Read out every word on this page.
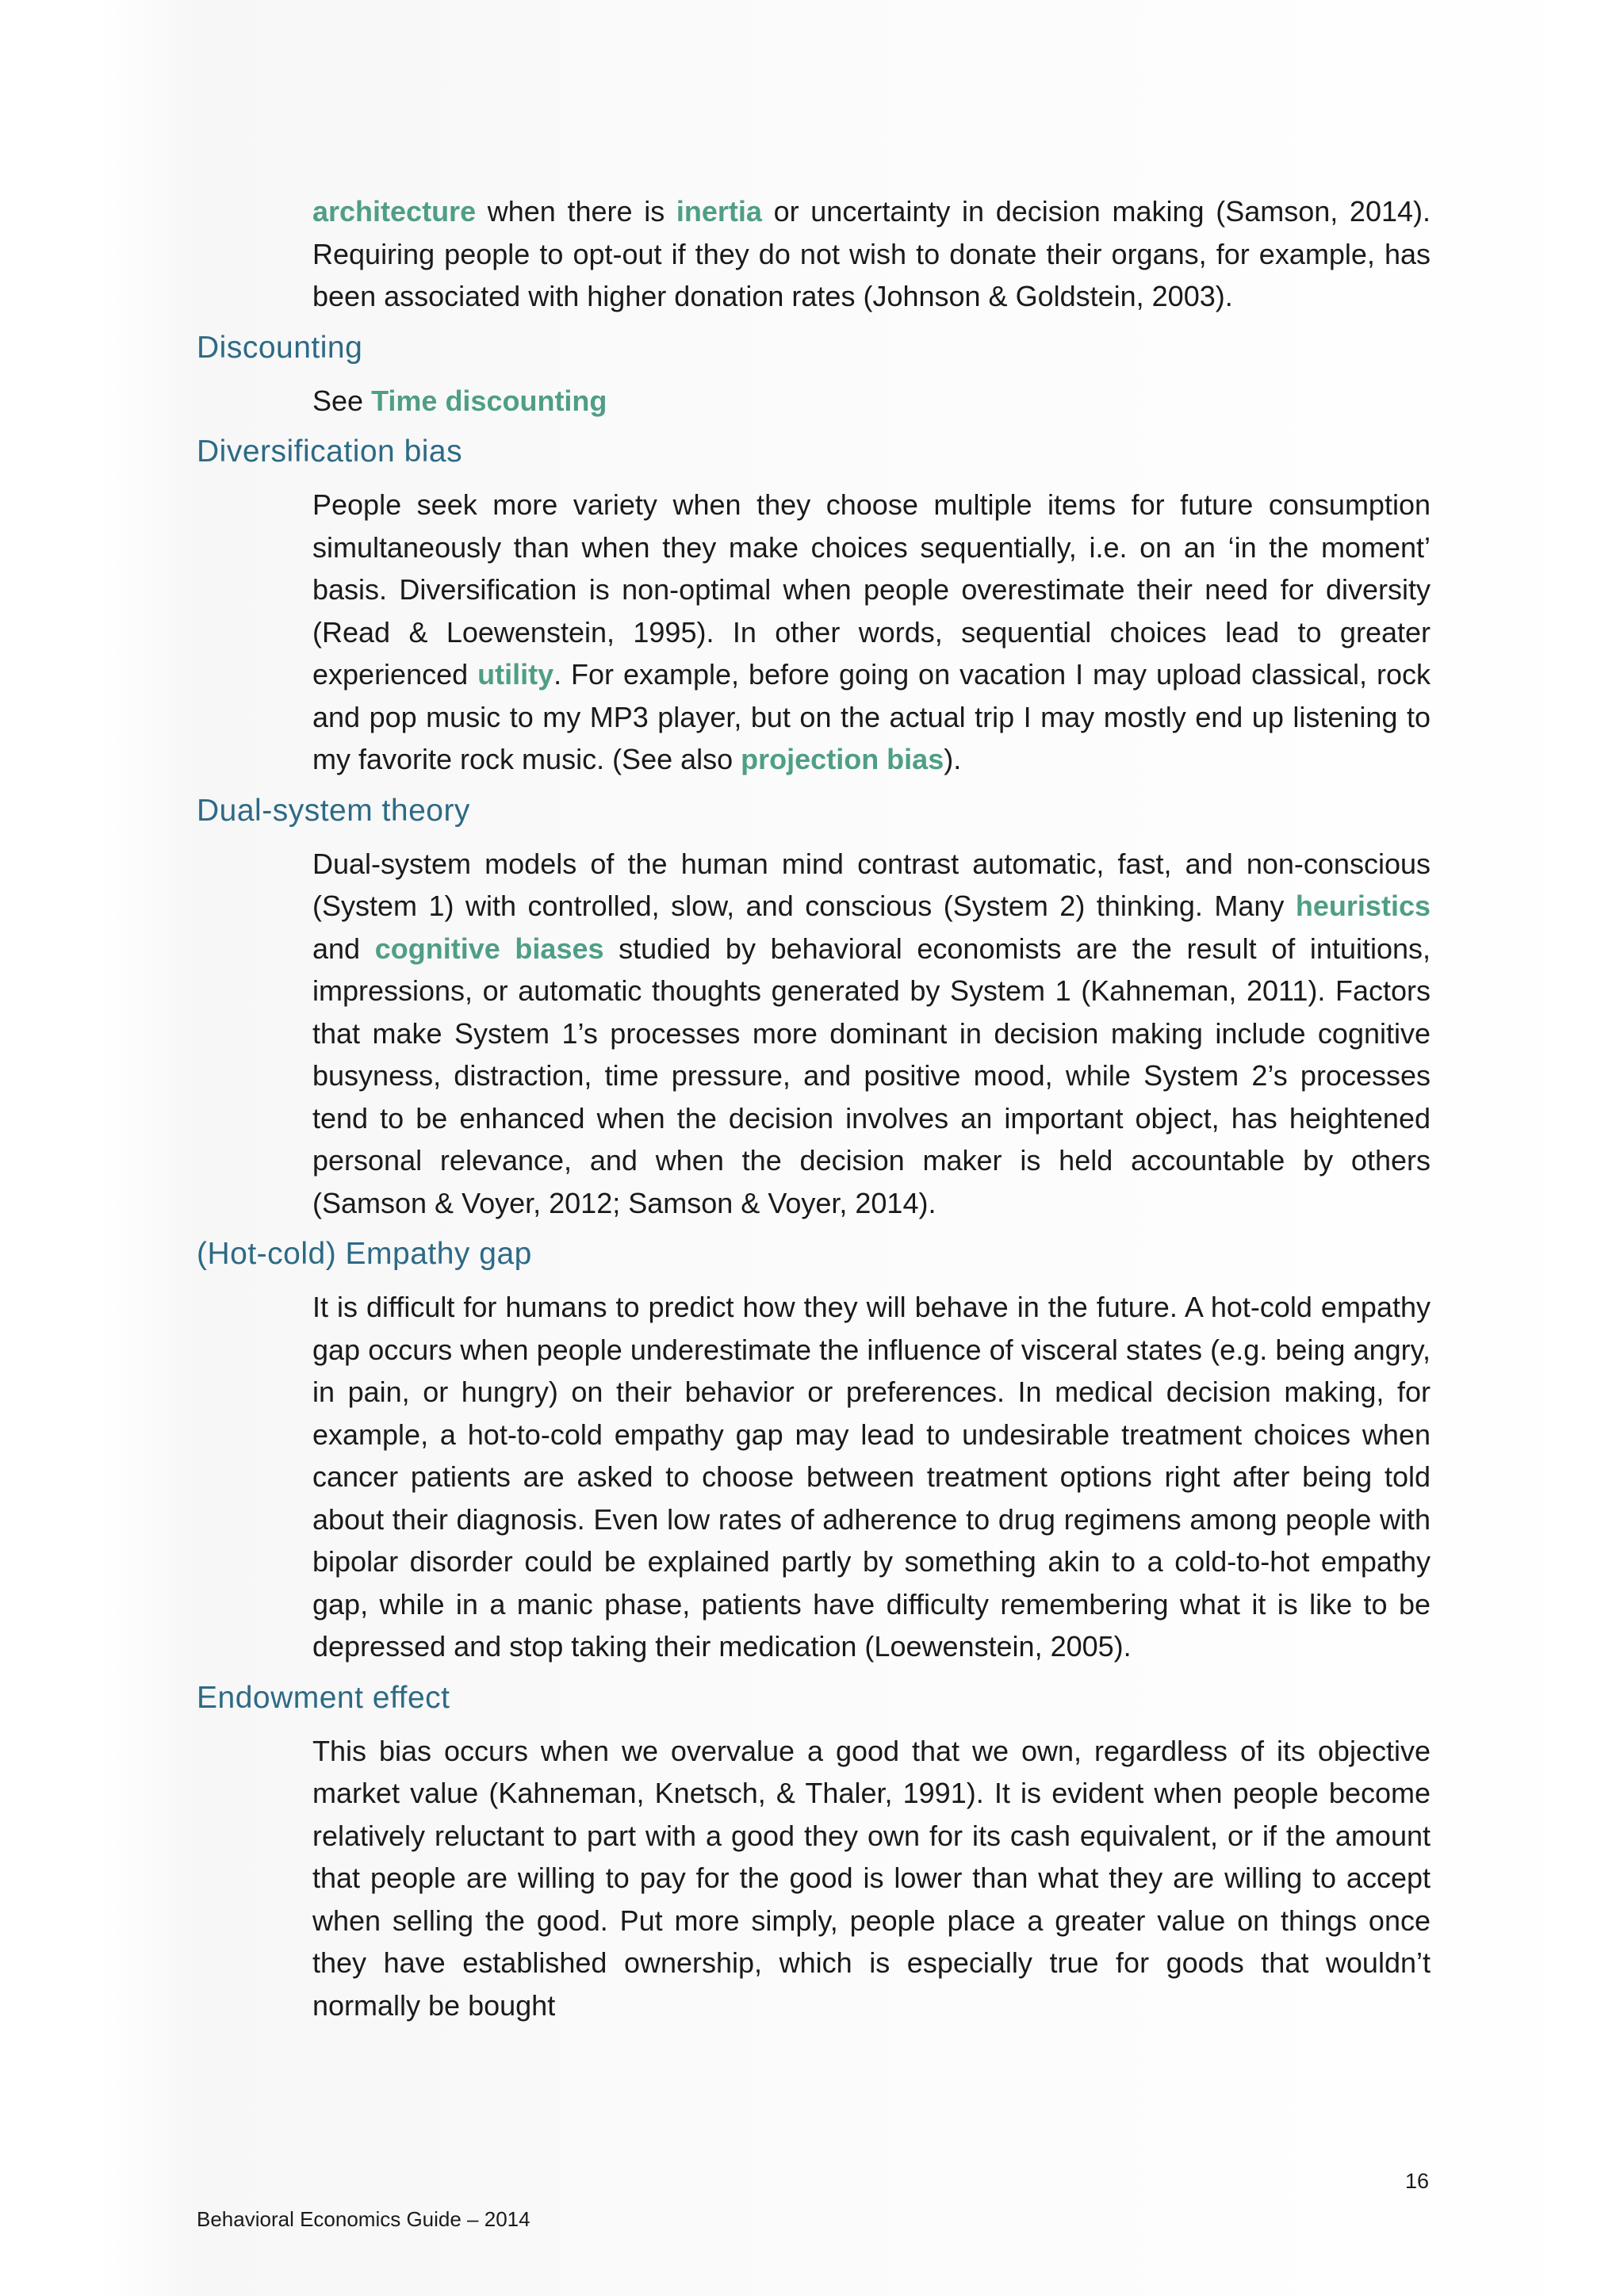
architecture when there is inertia or uncertainty in decision making (Samson, 2014). Requiring people to opt-out if they do not wish to donate their organs, for example, has been associated with higher donation rates (Johnson & Goldstein, 2003).

Discounting

See Time discounting

Diversification bias

People seek more variety when they choose multiple items for future consumption simultaneously than when they make choices sequentially, i.e. on an ‘in the moment’ basis. Diversification is non-optimal when people overestimate their need for diversity (Read & Loewenstein, 1995). In other words, sequential choices lead to greater experienced utility. For example, before going on vacation I may upload classical, rock and pop music to my MP3 player, but on the actual trip I may mostly end up listening to my favorite rock music. (See also projection bias).

Dual-system theory

Dual-system models of the human mind contrast automatic, fast, and non-conscious (System 1) with controlled, slow, and conscious (System 2) thinking. Many heuristics and cognitive biases studied by behavioral economists are the result of intuitions, impressions, or automatic thoughts generated by System 1 (Kahneman, 2011). Factors that make System 1’s processes more dominant in decision making include cognitive busyness, distraction, time pressure, and positive mood, while System 2’s processes tend to be enhanced when the decision involves an important object, has heightened personal relevance, and when the decision maker is held accountable by others (Samson & Voyer, 2012; Samson & Voyer, 2014).

(Hot-cold) Empathy gap

It is difficult for humans to predict how they will behave in the future. A hot-cold empathy gap occurs when people underestimate the influence of visceral states (e.g. being angry, in pain, or hungry) on their behavior or preferences. In medical decision making, for example, a hot-to-cold empathy gap may lead to undesirable treatment choices when cancer patients are asked to choose between treatment options right after being told about their diagnosis. Even low rates of adherence to drug regimens among people with bipolar disorder could be explained partly by something akin to a cold-to-hot empathy gap, while in a manic phase, patients have difficulty remembering what it is like to be depressed and stop taking their medication (Loewenstein, 2005).

Endowment effect

This bias occurs when we overvalue a good that we own, regardless of its objective market value (Kahneman, Knetsch, & Thaler, 1991). It is evident when people become relatively reluctant to part with a good they own for its cash equivalent, or if the amount that people are willing to pay for the good is lower than what they are willing to accept when selling the good. Put more simply, people place a greater value on things once they have established ownership, which is especially true for goods that wouldn’t normally be bought

16
Behavioral Economics Guide – 2014
